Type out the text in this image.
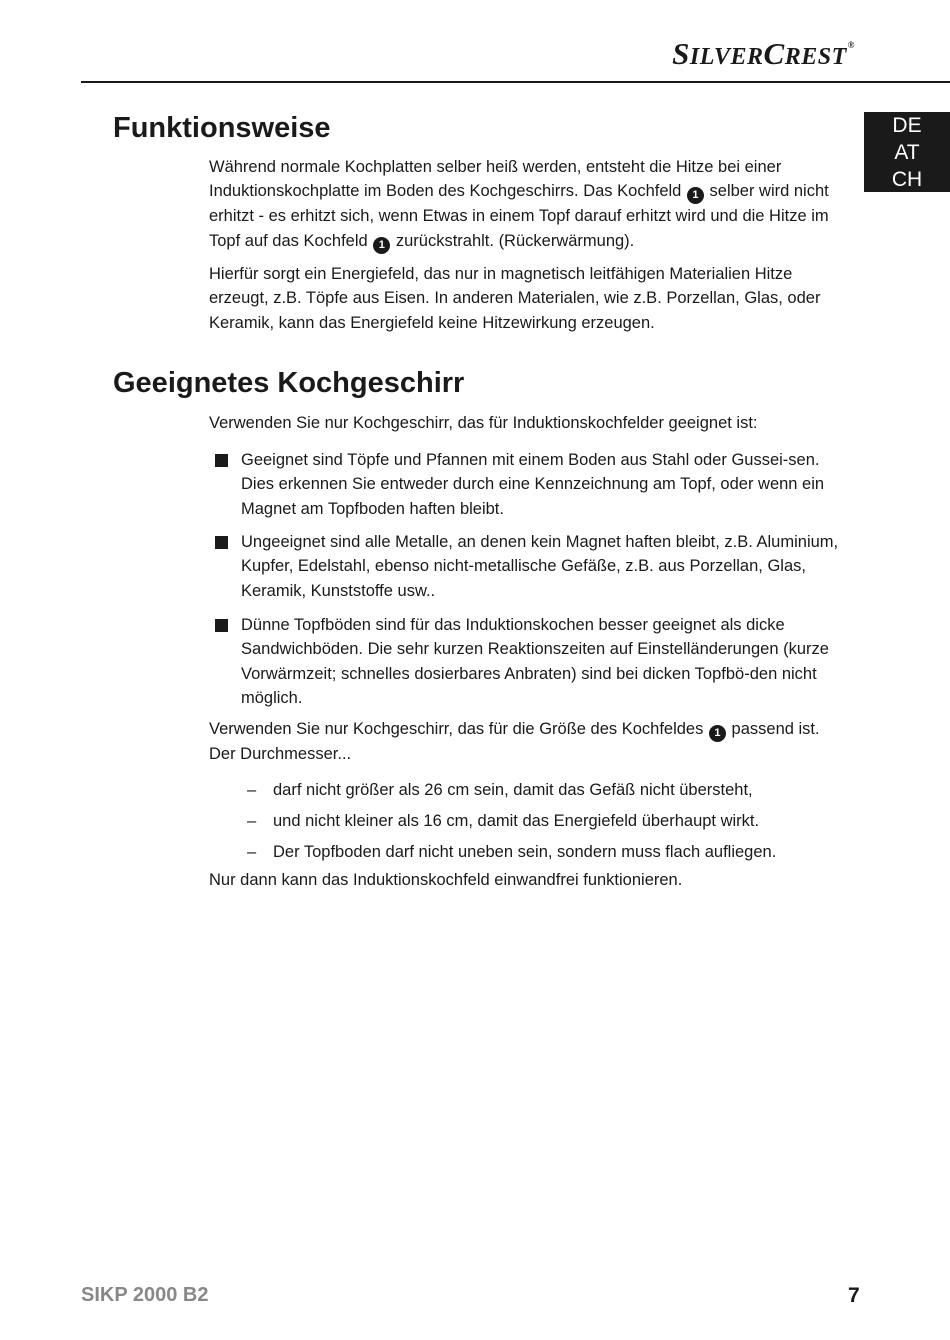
SILVERCREST®
DE
AT
CH
Funktionsweise

Während normale Kochplatten selber heiß werden, entsteht die Hitze bei einer Induktionskochplatte im Boden des Kochgeschirrs. Das Kochfeld 1 selber wird nicht erhitzt - es erhitzt sich, wenn Etwas in einem Topf darauf erhitzt wird und die Hitze im Topf auf das Kochfeld 1 zurückstrahlt. (Rückerwärmung).

Hierfür sorgt ein Energiefeld, das nur in magnetisch leitfähigen Materialien Hitze erzeugt, z.B. Töpfe aus Eisen. In anderen Materialen, wie z.B. Porzellan, Glas, oder Keramik, kann das Energiefeld keine Hitzewirkung erzeugen.

Geeignetes Kochgeschirr

Verwenden Sie nur Kochgeschirr, das für Induktionskochfelder geeignet ist:

Geeignet sind Töpfe und Pfannen mit einem Boden aus Stahl oder Gussei-sen. Dies erkennen Sie entweder durch eine Kennzeichnung am Topf, oder wenn ein Magnet am Topfboden haften bleibt.
Ungeeignet sind alle Metalle, an denen kein Magnet haften bleibt, z.B. Aluminium, Kupfer, Edelstahl, ebenso nicht-metallische Gefäße, z.B. aus Porzellan, Glas, Keramik, Kunststoffe usw..
Dünne Topfböden sind für das Induktionskochen besser geeignet als dicke Sandwichböden. Die sehr kurzen Reaktionszeiten auf Einstelländerungen (kurze Vorwärmzeit; schnelles dosierbares Anbraten) sind bei dicken Topfbö-den nicht möglich.

Verwenden Sie nur Kochgeschirr, das für die Größe des Kochfeldes 1 passend ist. Der Durchmesser...

– darf nicht größer als 26 cm sein, damit das Gefäß nicht übersteht,
– und nicht kleiner als 16 cm, damit das Energiefeld überhaupt wirkt.
– Der Topfboden darf nicht uneben sein, sondern muss flach aufliegen.

Nur dann kann das Induktionskochfeld einwandfrei funktionieren.

SIKP 2000 B2	7
